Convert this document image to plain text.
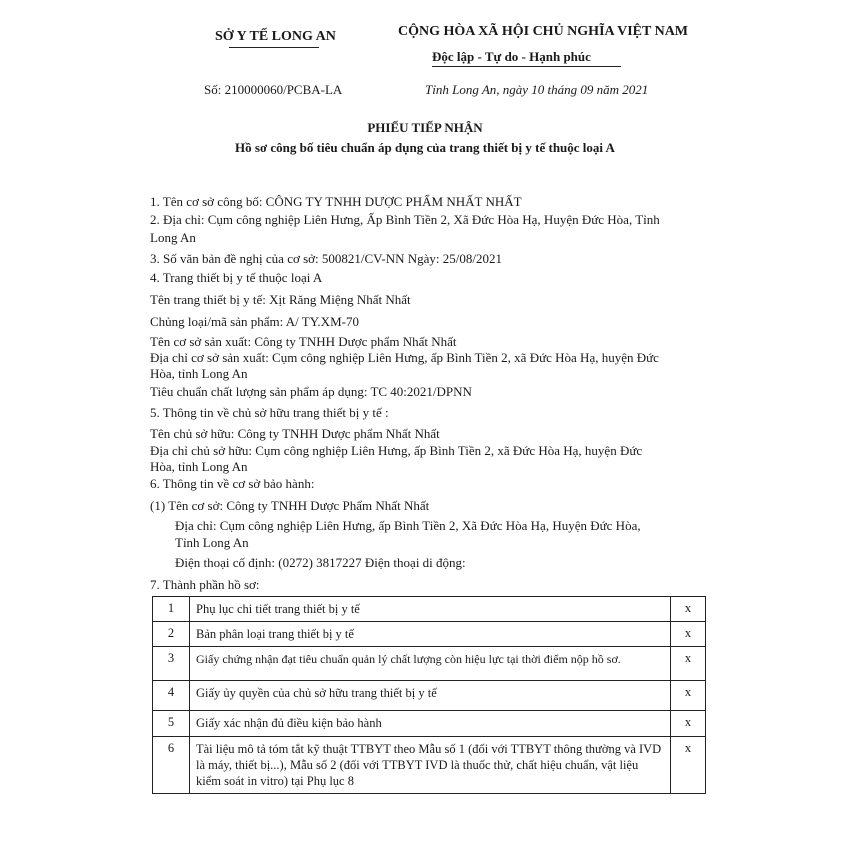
SỞ Y TẾ LONG AN	CỘNG HÒA XÃ HỘI CHỦ NGHĨA VIỆT NAM
Độc lập - Tự do - Hạnh phúc
Số: 210000060/PCBA-LA	Tỉnh Long An, ngày 10 tháng 09 năm 2021
PHIẾU TIẾP NHẬN
Hồ sơ công bố tiêu chuẩn áp dụng của trang thiết bị y tế thuộc loại A
1. Tên cơ sở công bố: CÔNG TY TNHH DƯỢC PHẨM NHẤT NHẤT
2. Địa chỉ: Cụm công nghiệp Liên Hưng, Ấp Bình Tiền 2, Xã Đức Hòa Hạ, Huyện Đức Hòa, Tỉnh
Long An
3. Số văn bản đề nghị của cơ sở: 500821/CV-NN Ngày: 25/08/2021
4. Trang thiết bị y tế thuộc loại A
Tên trang thiết bị y tế: Xịt Răng Miệng Nhất Nhất
Chủng loại/mã sản phẩm: A/ TY.XM-70
Tên cơ sở sản xuất: Công ty TNHH Dược phẩm Nhất Nhất
Địa chỉ cơ sở sản xuất: Cụm công nghiệp Liên Hưng, ấp Bình Tiền 2, xã Đức Hòa Hạ, huyện Đức
Hòa, tỉnh Long An
Tiêu chuẩn chất lượng sản phẩm áp dụng: TC 40:2021/DPNN
5. Thông tin về chủ sở hữu trang thiết bị y tế :
Tên chủ sở hữu: Công ty TNHH Dược phẩm Nhất Nhất
Địa chỉ chủ sở hữu: Cụm công nghiệp Liên Hưng, ấp Bình Tiền 2, xã Đức Hòa Hạ, huyện Đức
Hòa, tỉnh Long An
6. Thông tin về cơ sở bảo hành:
(1) Tên cơ sở: Công ty TNHH Dược Phẩm Nhất Nhất
Địa chỉ: Cụm công nghiệp Liên Hưng, ấp Bình Tiền 2, Xã Đức Hòa Hạ, Huyện Đức Hòa,
Tỉnh Long An
Điện thoại cố định: (0272) 3817227 Điện thoại di động:
7. Thành phần hồ sơ:
1	Phụ lục chi tiết trang thiết bị y tế	x
2	Bản phân loại trang thiết bị y tế	x
3	Giấy chứng nhận đạt tiêu chuẩn quản lý chất lượng còn hiệu lực tại thời điểm nộp hồ sơ.	x
4	Giấy ủy quyền của chủ sở hữu trang thiết bị y tế	x
5	Giấy xác nhận đủ điều kiện bảo hành	x
6	Tài liệu mô tả tóm tắt kỹ thuật TTBYT theo Mẫu số 1 (đối với TTBYT thông thường và IVD là máy, thiết bị...), Mẫu số 2 (đối với TTBYT IVD là thuốc thử, chất hiệu chuẩn, vật liệu kiểm soát in vitro) tại Phụ lục 8	x
